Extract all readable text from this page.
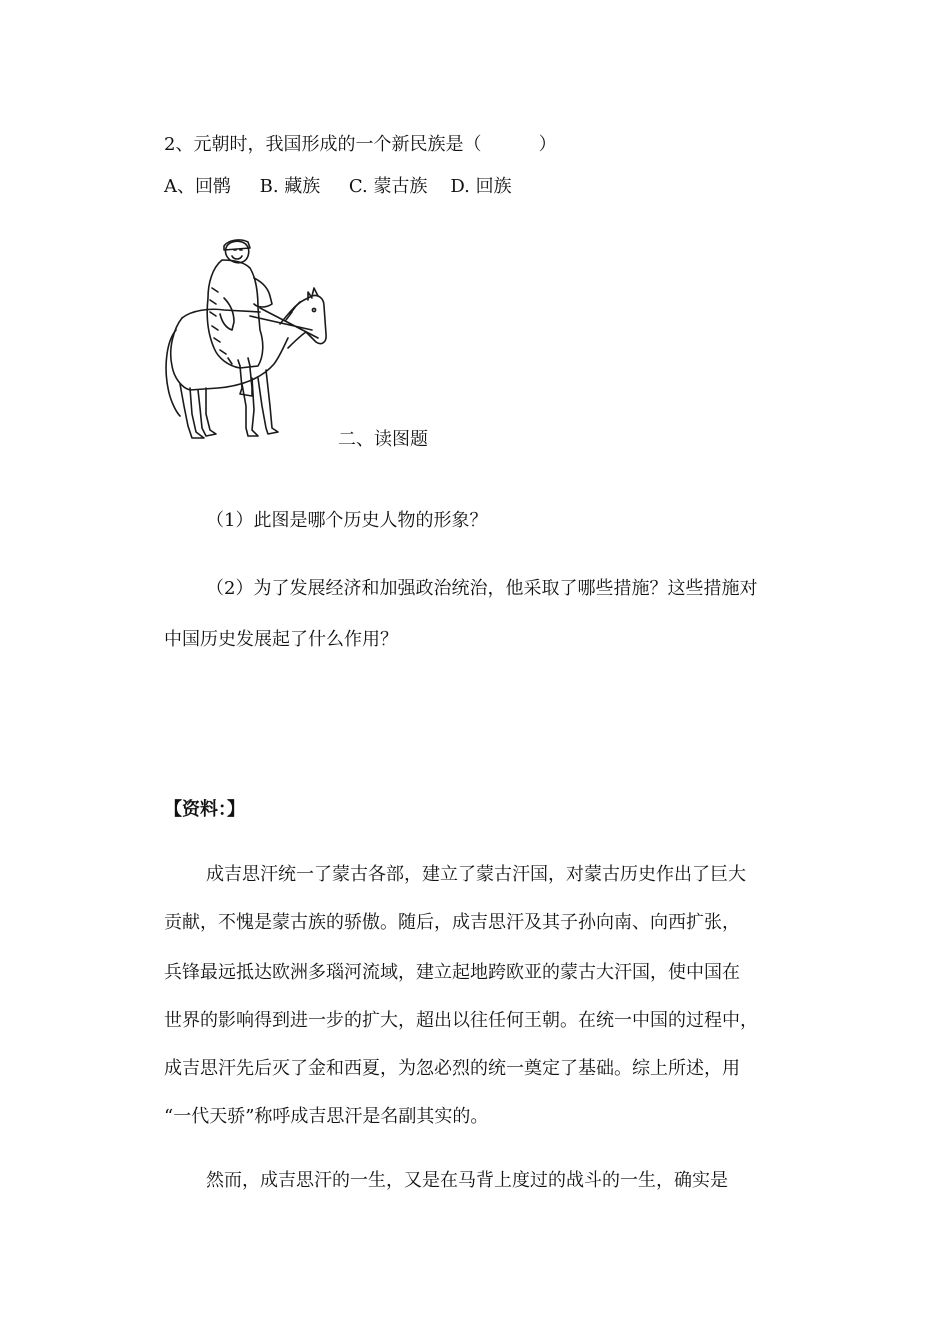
2、元朝时，我国形成的一个新民族是（          ）
A、回鹘     B. 藏族     C. 蒙古族    D. 回族
二、读图题
（1）此图是哪个历史人物的形象？
（2）为了发展经济和加强政治统治，他采取了哪些措施？这些措施对
中国历史发展起了什么作用？
【资料：】
成吉思汗统一了蒙古各部，建立了蒙古汗国，对蒙古历史作出了巨大
贡献，不愧是蒙古族的骄傲。随后，成吉思汗及其子孙向南、向西扩张，
兵锋最远抵达欧洲多瑙河流域，建立起地跨欧亚的蒙古大汗国，使中国在
世界的影响得到进一步的扩大，超出以往任何王朝。在统一中国的过程中，
成吉思汗先后灭了金和西夏，为忽必烈的统一奠定了基础。综上所述，用
“一代天骄”称呼成吉思汗是名副其实的。
然而，成吉思汗的一生，又是在马背上度过的战斗的一生，确实是
